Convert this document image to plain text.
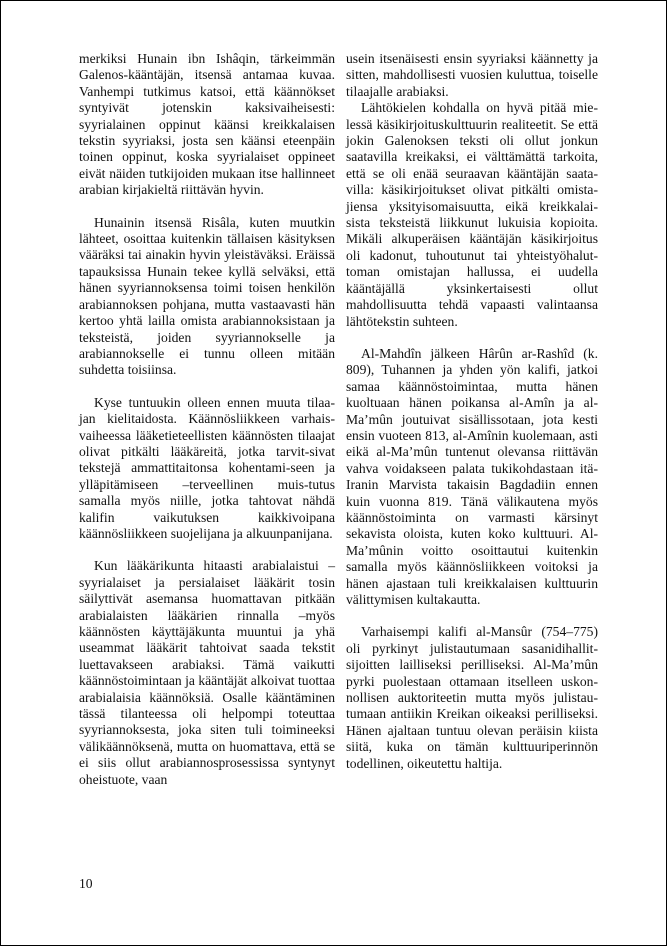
merkiksi Hunain ibn Ishâqin, tärkeimmän Galenos-kääntäjän, itsensä antamaa kuvaa. Vanhempi tutkimus katsoi, että käännökset syntyivät jotenskin kaksivaiheisesti: syyrialainen oppinut käänsi kreikkalaisen tekstin syyriaksi, josta sen käänsi eteenpäin toinen oppinut, koska syyrialaiset oppineet eivät näiden tutkijoiden mukaan itse hallinneet arabian kirjakieltä riittävän hyvin.

Hunainin itsensä Risâla, kuten muutkin lähteet, osoittaa kuitenkin tällaisen käsityksen vääräksi tai ainakin hyvin yleistäväksi. Eräissä tapauksissa Hunain tekee kyllä selväksi, että hänen syyriannoksensa toimi toisen henkilön arabiannoksen pohjana, mutta vastaavasti hän kertoo yhtä lailla omista arabiannoksistaan ja teksteistä, joiden syyriannokselle ja arabiannokselle ei tunnu olleen mitään suhdetta toisiinsa.

Kyse tuntuukin olleen ennen muuta tilaa-jan kielitaidosta. Käännösliikkeen varhais-vaiheessa lääketieteellisten käännösten tilaajat olivat pitkälti lääkäreitä, jotka tarvit-sivat tekstejä ammattitaitonsa kohentami-seen ja ylläpitämiseen –terveellinen muis-tutus samalla myös niille, jotka tahtovat nähdä kalifin vaikutuksen kaikkivoipana käännösliikkeen suojelijana ja alkuunpanijana.

Kun lääkärikunta hitaasti arabialaistui –syyrialaiset ja persialaiset lääkärit tosin säilyttivät asemansa huomattavan pitkään arabialaisten lääkärien rinnalla –myös käännösten käyttäjäkunta muuntui ja yhä useammat lääkärit tahtoivat saada tekstit luettavakseen arabiaksi. Tämä vaikutti käännöstoimintaan ja kääntäjät alkoivat tuottaa arabialaisia käännöksiä. Osalle kääntäminen tässä tilanteessa oli helpompi toteuttaa syyriannoksesta, joka siten tuli toimineeksi välikäännöksenä, mutta on huomattava, että se ei siis ollut arabiannosprosessissa syntynyt oheistuote, vaan

usein itsenäisesti ensin syyriaksi käännetty ja sitten, mahdollisesti vuosien kuluttua, toiselle tilaajalle arabiaksi.

Lähtökielen kohdalla on hyvä pitää mielessä käsikirjoituskulttuurin realiteetit. Se että jokin Galenoksen teksti oli ollut jonkun saatavilla kreikaksi, ei välttämättä tarkoita, että se oli enää seuraavan kääntäjän saata-villa: käsikirjoitukset olivat pitkälti omista-jiensa yksityisomaisuutta, eikä kreikkalai-sista teksteistä liikkunut lukuisia kopioita. Mikäli alkuperäisen kääntäjän käsikirjoitus oli kadonut, tuhoutunut tai yhteistyöhalut-toman omistajan hallussa, ei uudella kääntäjällä yksinkertaisesti ollut mahdollisuutta tehdä vapaasti valintaansa lähtötekstin suhteen.

Al-Mahdîn jälkeen Hârûn ar-Rashîd (k. 809), Tuhannen ja yhden yön kalifi, jatkoi samaa käännöstoimintaa, mutta hänen kuoltuaan hänen poikansa al-Amîn ja al-Ma’mûn joutuivat sisällissotaan, jota kesti ensin vuoteen 813, al-Amînin kuolemaan, asti eikä al-Ma’mûn tuntenut olevansa riittävän vahva voidakseen palata tukikohdastaan itä-Iranin Marvista takaisin Bagdadiin ennen kuin vuonna 819. Tänä välikautena myös käännöstoiminta on varmasti kärsinyt sekavista oloista, kuten koko kulttuuri. Al-Ma’mûnin voitto osoittautui kuitenkin samalla myös käännösliikkeen voitoksi ja hänen ajastaan tuli kreikkalaisen kulttuurin välittymisen kultakautta.

Varhaisempi kalifi al-Mansûr (754–775) oli pyrkinyt julistautumaan sasanidihallitsijoitten lailliseksi perilliseksi. Al-Ma’mûn pyrki puolestaan ottamaan itselleen uskonnollisen auktoriteetin mutta myös julistautumaan antiikin Kreikan oikeaksi perilliseksi. Hänen ajaltaan tuntuu olevan peräisin kiista siitä, kuka on tämän kulttuuriperinnön todellinen, oikeutettu haltija.

10
